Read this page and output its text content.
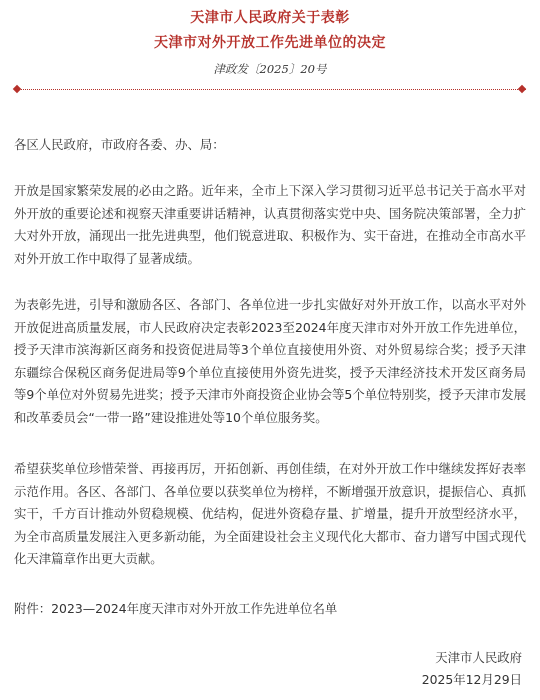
天津市人民政府关于表彰
天津市对外开放工作先进单位的决定
津政发〔2025〕20号

各区人民政府，市政府各委、办、局：

开放是国家繁荣发展的必由之路。近年来，全市上下深入学习贯彻习近平总书记关于高水平对外开放的重要论述和视察天津重要讲话精神，认真贯彻落实党中央、国务院决策部署，全力扩大对外开放，涌现出一批先进典型，他们锐意进取、积极作为、实干奋进，在推动全市高水平对外开放工作中取得了显著成绩。

为表彰先进，引导和激励各区、各部门、各单位进一步扎实做好对外开放工作，以高水平对外开放促进高质量发展，市人民政府决定表彰2023至2024年度天津市对外开放工作先进单位，授予天津市滨海新区商务和投资促进局等3个单位直接使用外资、对外贸易综合奖；授予天津东疆综合保税区商务促进局等9个单位直接使用外资先进奖，授予天津经济技术开发区商务局等9个单位对外贸易先进奖；授予天津市外商投资企业协会等5个单位特别奖，授予天津市发展和改革委员会“一带一路”建设推进处等10个单位服务奖。

希望获奖单位珍惜荣誉、再接再厉，开拓创新、再创佳绩，在对外开放工作中继续发挥好表率示范作用。各区、各部门、各单位要以获奖单位为榜样，不断增强开放意识，提振信心、真抓实干，千方百计推动外贸稳规模、优结构，促进外资稳存量、扩增量，提升开放型经济水平，为全市高质量发展注入更多新动能，为全面建设社会主义现代化大都市、奋力谱写中国式现代化天津篇章作出更大贡献。

附件：2023—2024年度天津市对外开放工作先进单位名单

天津市人民政府
2025年12月29日
